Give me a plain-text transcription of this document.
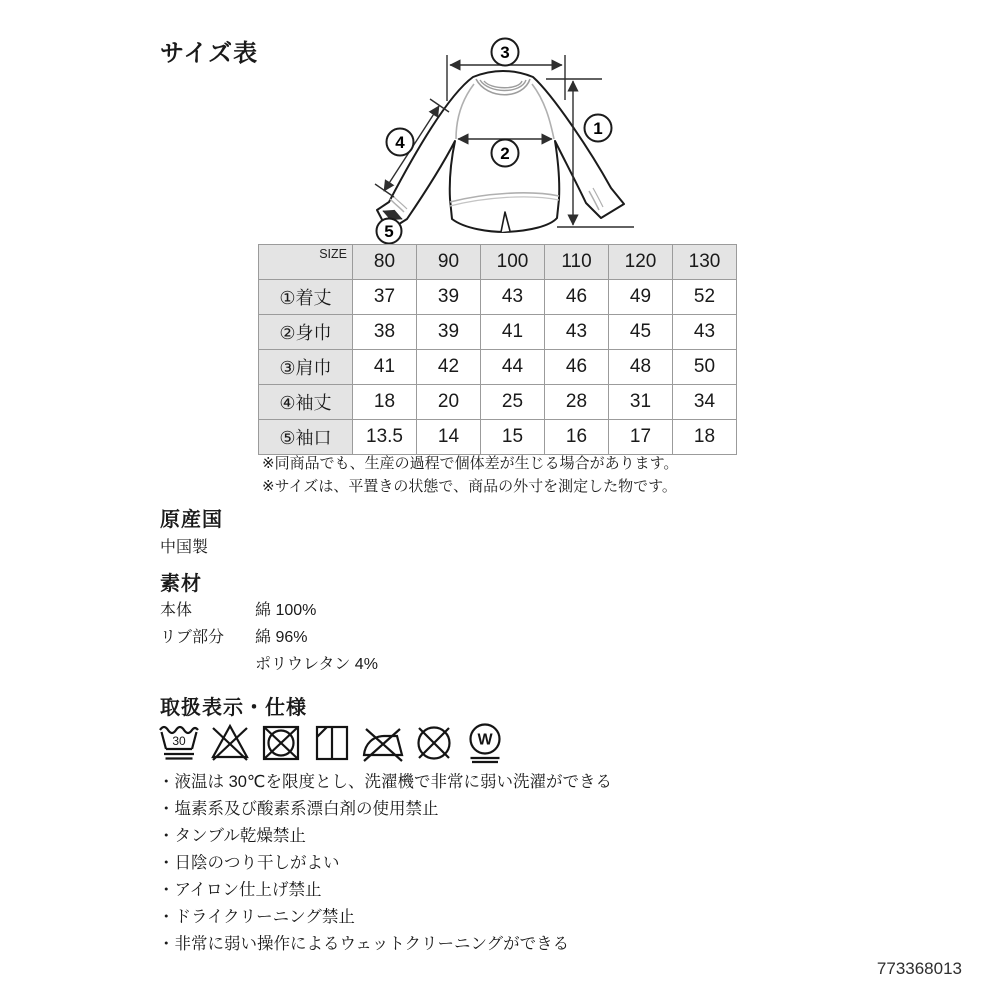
サイズ表	3
1
2
4
5
SIZE	80	90	100	110	120	130
①着丈	37	39	43	46	49	52
②身巾	38	39	41	43	45	43
③肩巾	41	42	44	46	48	50
④袖丈	18	20	25	28	31	34
⑤袖口	13.5	14	15	16	17	18
※同商品でも、生産の過程で個体差が生じる場合があります。
※サイズは、平置きの状態で、商品の外寸を測定した物です。
原産国
中国製
素材
本体	綿 100%
リブ部分	綿 96%
ポリウレタン 4%
取扱表示・仕様
30	W
・液温は 30℃を限度とし、洗濯機で非常に弱い洗濯ができる
・塩素系及び酸素系漂白剤の使用禁止
・タンブル乾燥禁止
・日陰のつり干しがよい
・アイロン仕上げ禁止
・ドライクリーニング禁止
・非常に弱い操作によるウェットクリーニングができる
773368013
